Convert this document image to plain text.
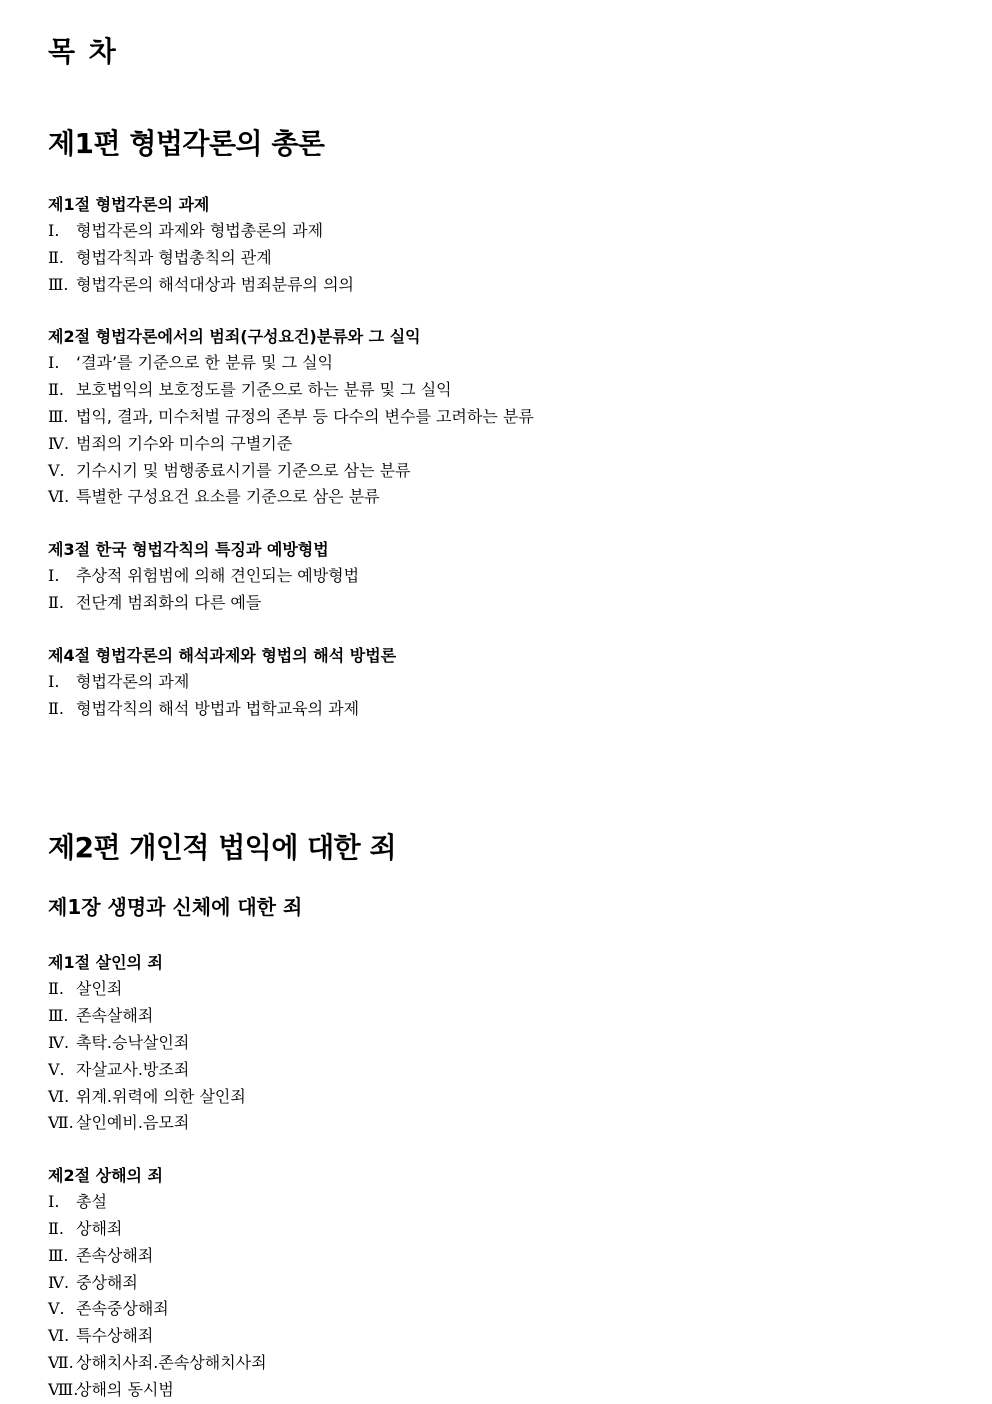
목 차
제1편 형법각론의 총론
제1절 형법각론의 과제
Ⅰ. 형법각론의 과제와 형법총론의 과제
Ⅱ. 형법각칙과 형법총칙의 관계
Ⅲ. 형법각론의 해석대상과 범죄분류의 의의
제2절 형법각론에서의 범죄(구성요건)분류와 그 실익
Ⅰ. ‘결과’를 기준으로 한 분류 및 그 실익
Ⅱ. 보호법익의 보호정도를 기준으로 하는 분류 및 그 실익
Ⅲ. 법익, 결과, 미수처벌 규정의 존부 등 다수의 변수를 고려하는 분류
Ⅳ. 범죄의 기수와 미수의 구별기준
Ⅴ. 기수시기 및 범행종료시기를 기준으로 삼는 분류
Ⅵ. 특별한 구성요건 요소를 기준으로 삼은 분류
제3절 한국 형법각칙의 특징과 예방형법
Ⅰ. 추상적 위험범에 의해 견인되는 예방형법
Ⅱ. 전단계 범죄화의 다른 예들
제4절 형법각론의 해석과제와 형법의 해석 방법론
Ⅰ. 형법각론의 과제
Ⅱ. 형법각칙의 해석 방법과 법학교육의 과제
제2편 개인적 법익에 대한 죄
제1장 생명과 신체에 대한 죄
제1절 살인의 죄
Ⅱ. 살인죄
Ⅲ. 존속살해죄
Ⅳ. 촉탁.승낙살인죄
Ⅴ. 자살교사.방조죄
Ⅵ. 위계.위력에 의한 살인죄
Ⅶ. 살인예비.음모죄
제2절 상해의 죄
Ⅰ. 총설
Ⅱ. 상해죄
Ⅲ. 존속상해죄
Ⅳ. 중상해죄
Ⅴ. 존속중상해죄
Ⅵ. 특수상해죄
Ⅶ. 상해치사죄.존속상해치사죄
Ⅷ.상해의 동시범
